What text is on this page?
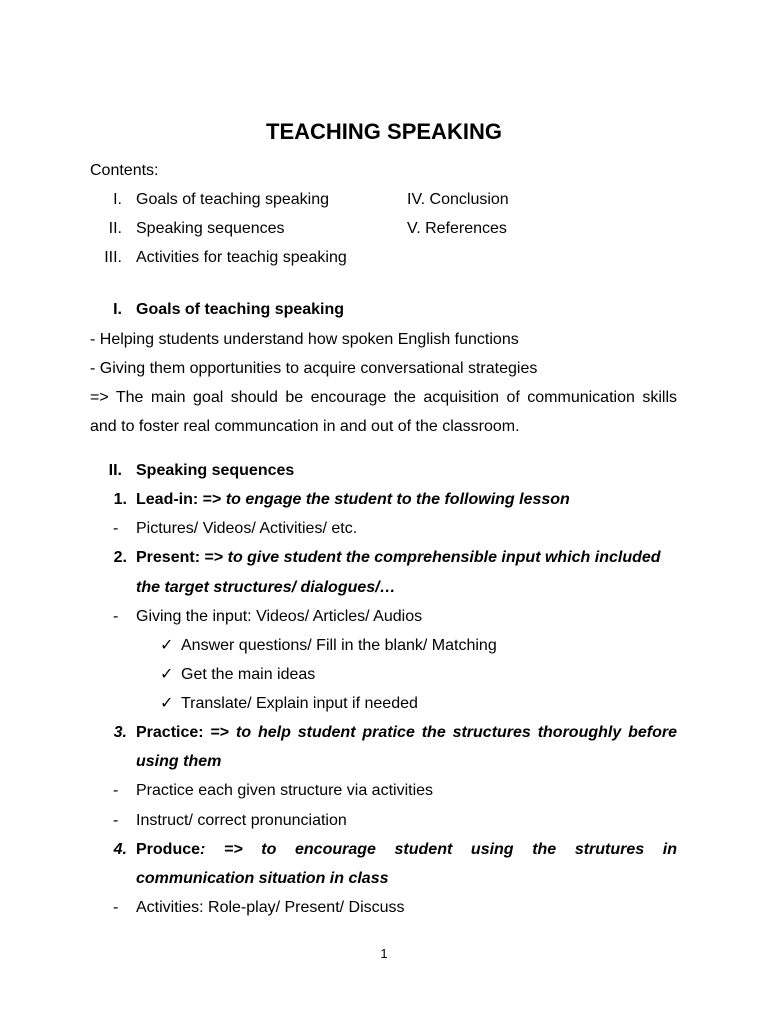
TEACHING SPEAKING
Contents:
I. Goals of teaching speaking
II. Speaking sequences
III. Activities for teachig speaking
IV. Conclusion
V. References
I. Goals of teaching speaking
- Helping students understand how spoken English functions
- Giving them opportunities to acquire conversational strategies
=> The main goal should be encourage the acquisition of communication skills
and to foster real communcation in and out of the classroom.
II. Speaking sequences
1. Lead-in: => to engage the student to the following lesson
- Pictures/ Videos/ Activities/ etc.
2. Present: => to give student the comprehensible input which included
the target structures/ dialogues/…
- Giving the input: Videos/ Articles/ Audios
✓ Answer questions/ Fill in the blank/ Matching
✓ Get the main ideas
✓ Translate/ Explain input if needed
3. Practice: => to help student pratice the structures thoroughly before
using them
- Practice each given structure via activities
- Instruct/ correct pronunciation
4. Produce: => to encourage student using the strutures in
communication situation in class
- Activities: Role-play/ Present/ Discuss
1
